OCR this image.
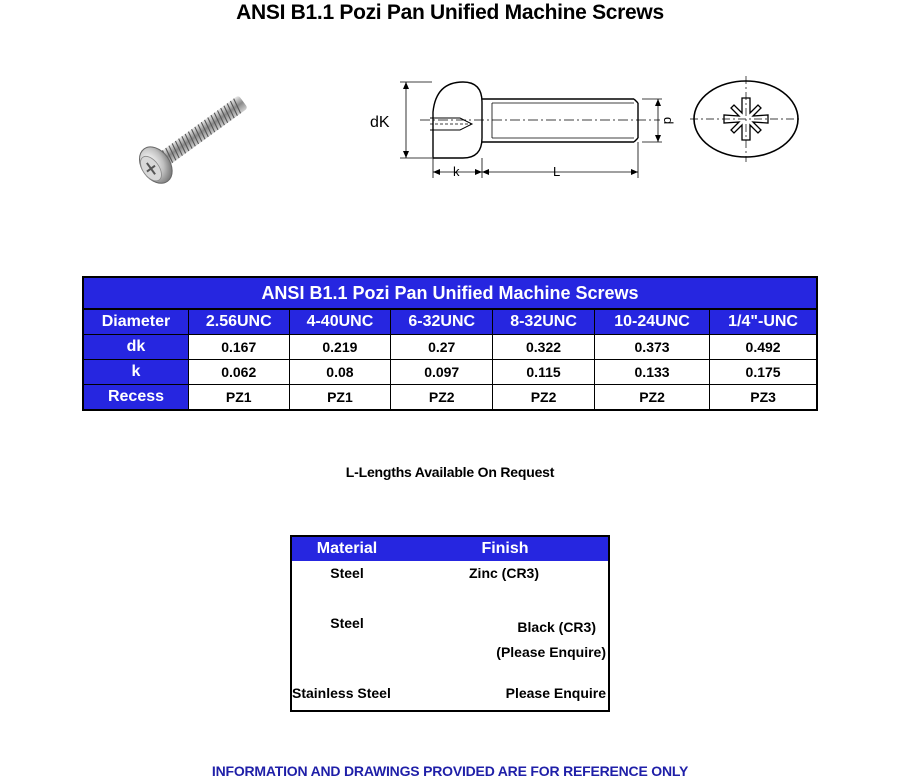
ANSI B1.1 Pozi Pan Unified Machine Screws
dK
k	L
d
ANSI B1.1 Pozi Pan Unified Machine Screws						
Diameter	2.56UNC	4-40UNC	6-32UNC	8-32UNC	10-24UNC	1/4"-UNC
dk	0.167	0.219	0.27	0.322	0.373	0.492
k	0.062	0.08	0.097	0.115	0.133	0.175
Recess	PZ1	PZ1	PZ2	PZ2	PZ2	PZ3
L-Lengths Available On Request
Material	Finish
Steel	Zinc (CR3)
Steel	Black (CR3)
(Please Enquire)

Stainless Steel	Please Enquire
INFORMATION AND DRAWINGS PROVIDED ARE FOR REFERENCE ONLY
